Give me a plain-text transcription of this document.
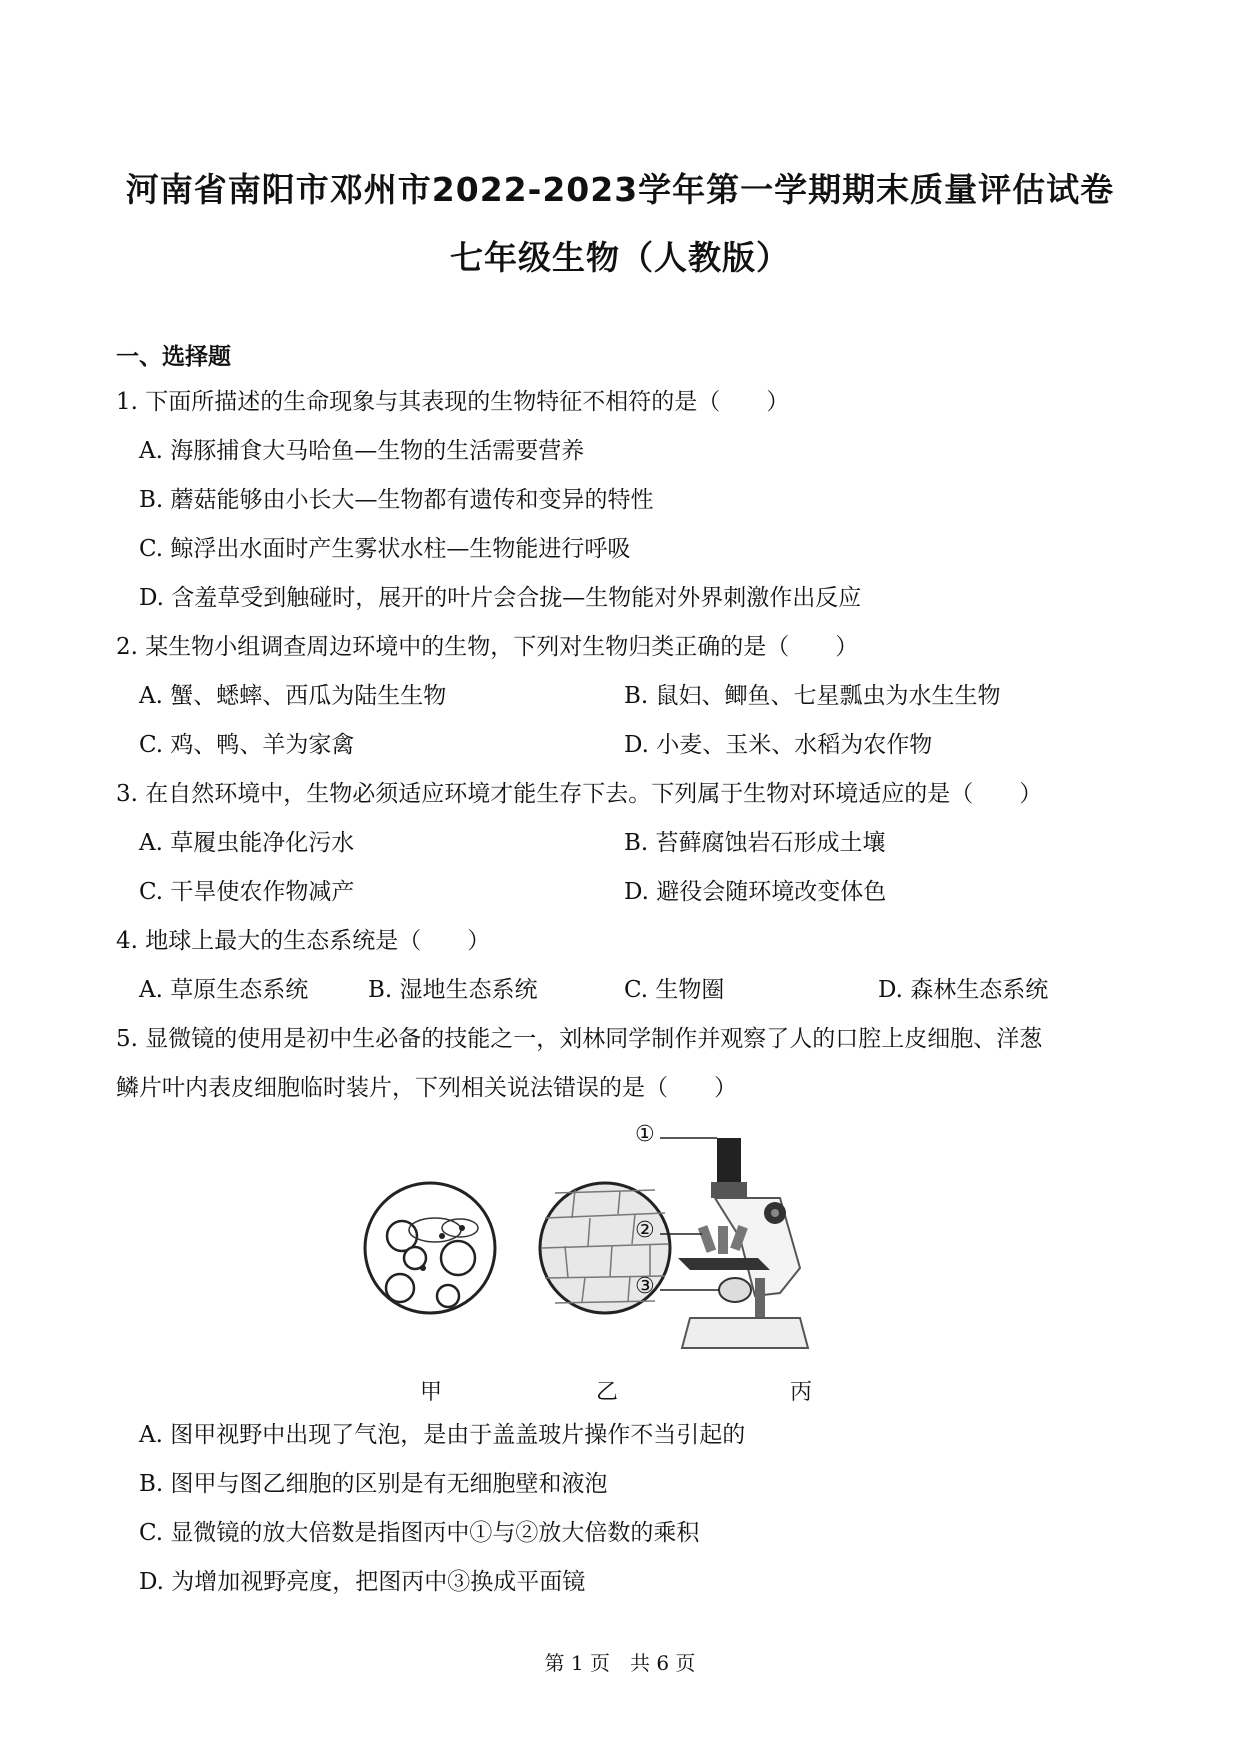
河南省南阳市邓州市2022-2023学年第一学期期末质量评估试卷
七年级生物（人教版）
一、选择题
1. 下面所描述的生命现象与其表现的生物特征不相符的是（　　）
A. 海豚捕食大马哈鱼—生物的生活需要营养
B. 蘑菇能够由小长大—生物都有遗传和变异的特性
C. 鲸浮出水面时产生雾状水柱—生物能进行呼吸
D. 含羞草受到触碰时，展开的叶片会合拢—生物能对外界刺激作出反应
2. 某生物小组调查周边环境中的生物，下列对生物归类正确的是（　　）
A. 蟹、蟋蟀、西瓜为陆生生物	B. 鼠妇、鲫鱼、七星瓢虫为水生生物
C. 鸡、鸭、羊为家禽	D. 小麦、玉米、水稻为农作物
3. 在自然环境中，生物必须适应环境才能生存下去。下列属于生物对环境适应的是（　　）
A. 草履虫能净化污水	B. 苔藓腐蚀岩石形成土壤
C. 干旱使农作物减产	D. 避役会随环境改变体色
4. 地球上最大的生态系统是（　　）
A. 草原生态系统	B. 湿地生态系统	C. 生物圈	D. 森林生态系统
5. 显微镜的使用是初中生必备的技能之一，刘林同学制作并观察了人的口腔上皮细胞、洋葱
鳞片叶内表皮细胞临时装片，下列相关说法错误的是（　　）
①
②
③
甲	乙	丙
A. 图甲视野中出现了气泡，是由于盖盖玻片操作不当引起的
B. 图甲与图乙细胞的区别是有无细胞壁和液泡
C. 显微镜的放大倍数是指图丙中①与②放大倍数的乘积
D. 为增加视野亮度，把图丙中③换成平面镜
第 1 页　共 6 页
